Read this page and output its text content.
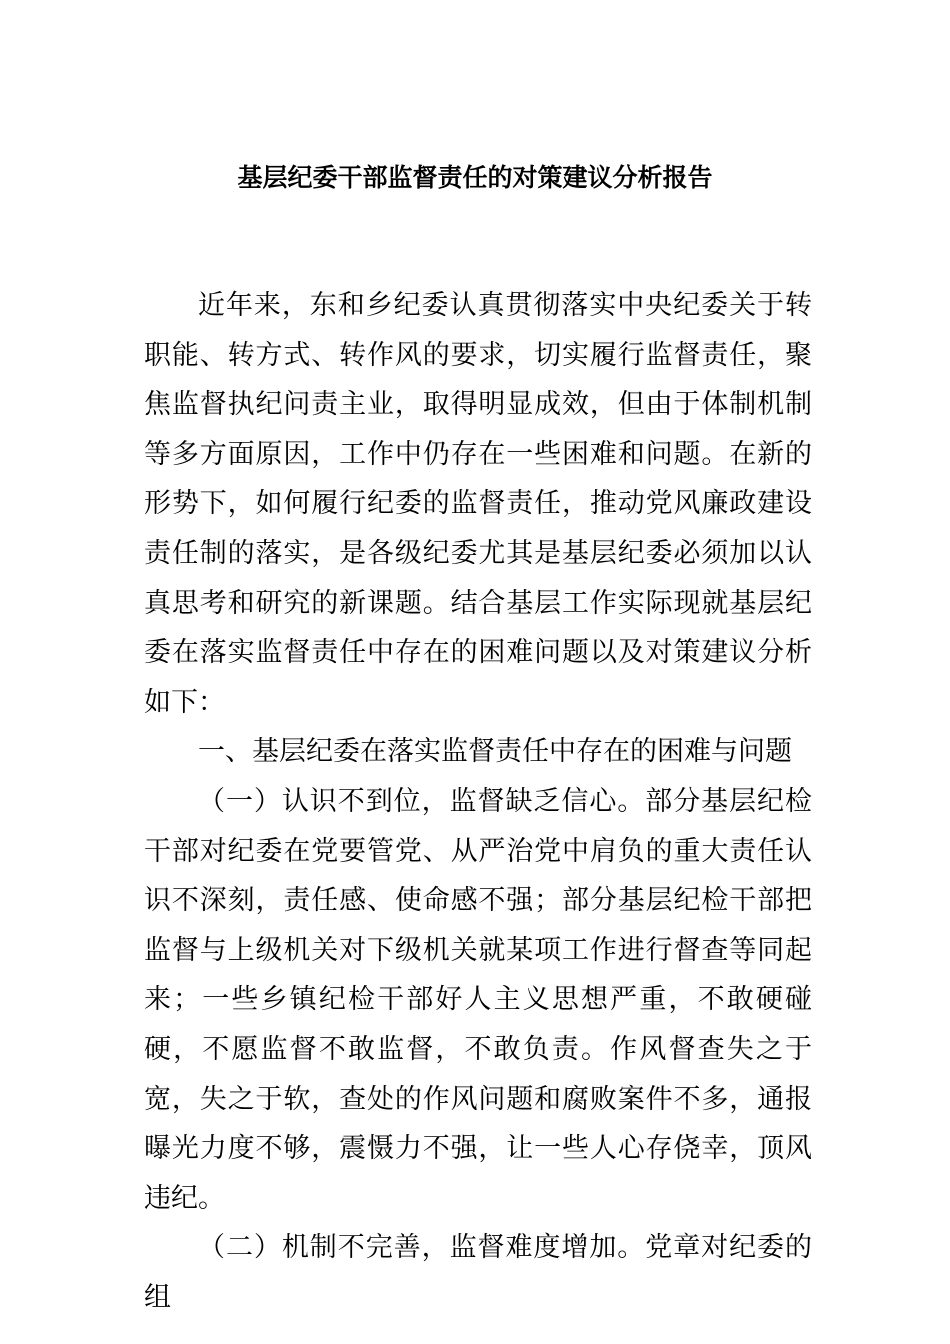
基层纪委干部监督责任的对策建议分析报告

近年来，东和乡纪委认真贯彻落实中央纪委关于转职能、转方式、转作风的要求，切实履行监督责任，聚焦监督执纪问责主业，取得明显成效，但由于体制机制等多方面原因，工作中仍存在一些困难和问题。在新的形势下，如何履行纪委的监督责任，推动党风廉政建设责任制的落实，是各级纪委尤其是基层纪委必须加以认真思考和研究的新课题。结合基层工作实际现就基层纪委在落实监督责任中存在的困难问题以及对策建议分析如下：

一、基层纪委在落实监督责任中存在的困难与问题

（一）认识不到位，监督缺乏信心。部分基层纪检干部对纪委在党要管党、从严治党中肩负的重大责任认识不深刻，责任感、使命感不强；部分基层纪检干部把监督与上级机关对下级机关就某项工作进行督查等同起来；一些乡镇纪检干部好人主义思想严重，不敢硬碰硬，不愿监督不敢监督，不敢负责。作风督查失之于宽，失之于软，查处的作风问题和腐败案件不多，通报曝光力度不够，震慑力不强，让一些人心存侥幸，顶风违纪。

（二）机制不完善，监督难度增加。党章对纪委的组
